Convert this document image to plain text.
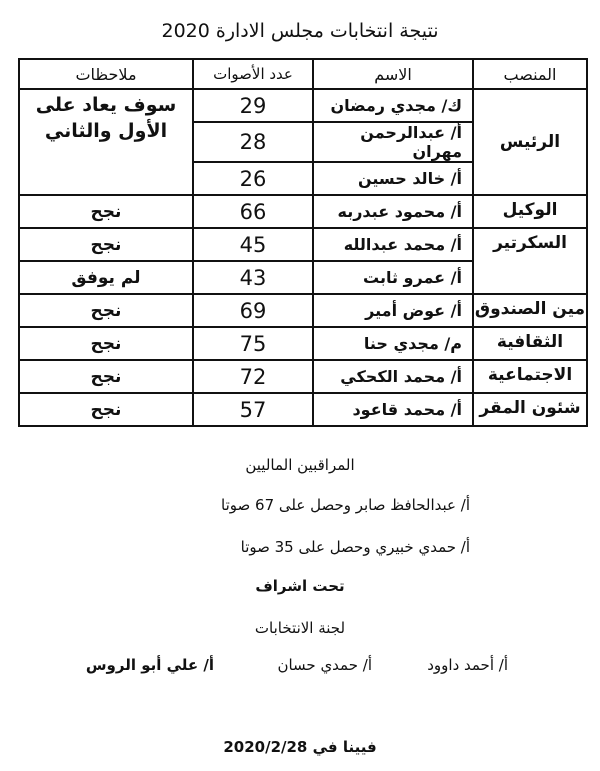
نتيجة انتخابات مجلس الادارة 2020
المنصب	الاسم	عدد الأصوات	ملاحظات
الرئيس	ك/ مجدي رمضان	29	سوف يعاد على الأول والثاني
	أ/ عبدالرحمن مهران	28	
	أ/ خالد حسين	26	
الوكيل	أ/ محمود عبدربه	66	نجح
السكرتير	أ/ محمد عبدالله	45	نجح
	أ/ عمرو ثابت	43	لم يوفق
مين الصندوق	أ/ عوض أمير	69	نجح
الثقافية	م/ مجدي حنا	75	نجح
الاجتماعية	أ/ محمد الكحكي	72	نجح
شئون المقر	أ/ محمد قاعود	57	نجح
المراقبين الماليين
أ/ عبدالحافظ صابر وحصل على 67 صوتا
أ/ حمدي خبيري وحصل على 35 صوتا
تحت اشراف
لجنة الانتخابات
أ/ أحمد داوود
أ/ حمدي حسان
أ/ علي أبو الروس
فيينا في 2020/2/28
